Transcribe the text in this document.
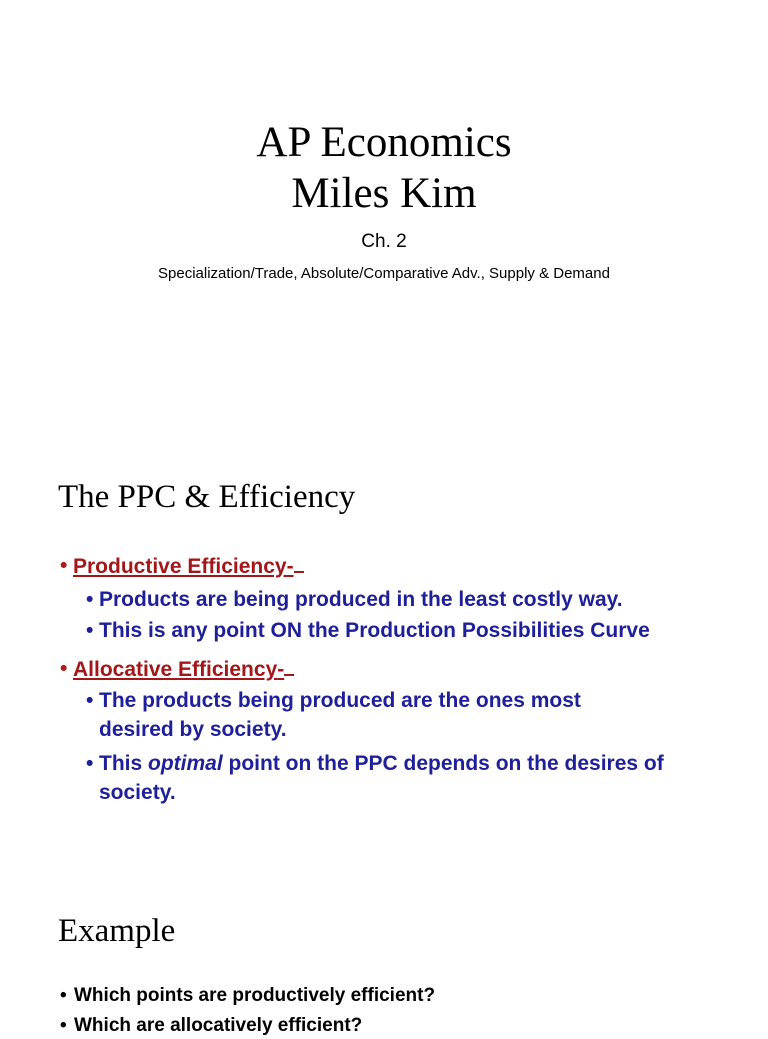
AP Economics
Miles Kim
Ch. 2
Specialization/Trade, Absolute/Comparative Adv., Supply & Demand
The PPC & Efficiency
• Productive Efficiency-
• Products are being produced in the least costly way.
• This is any point ON the Production Possibilities Curve
• Allocative Efficiency-
• The products being produced are the ones most desired by society.
• This optimal point on the PPC depends on the desires of society.
Example
• Which points are productively efficient?
• Which are allocatively efficient?
